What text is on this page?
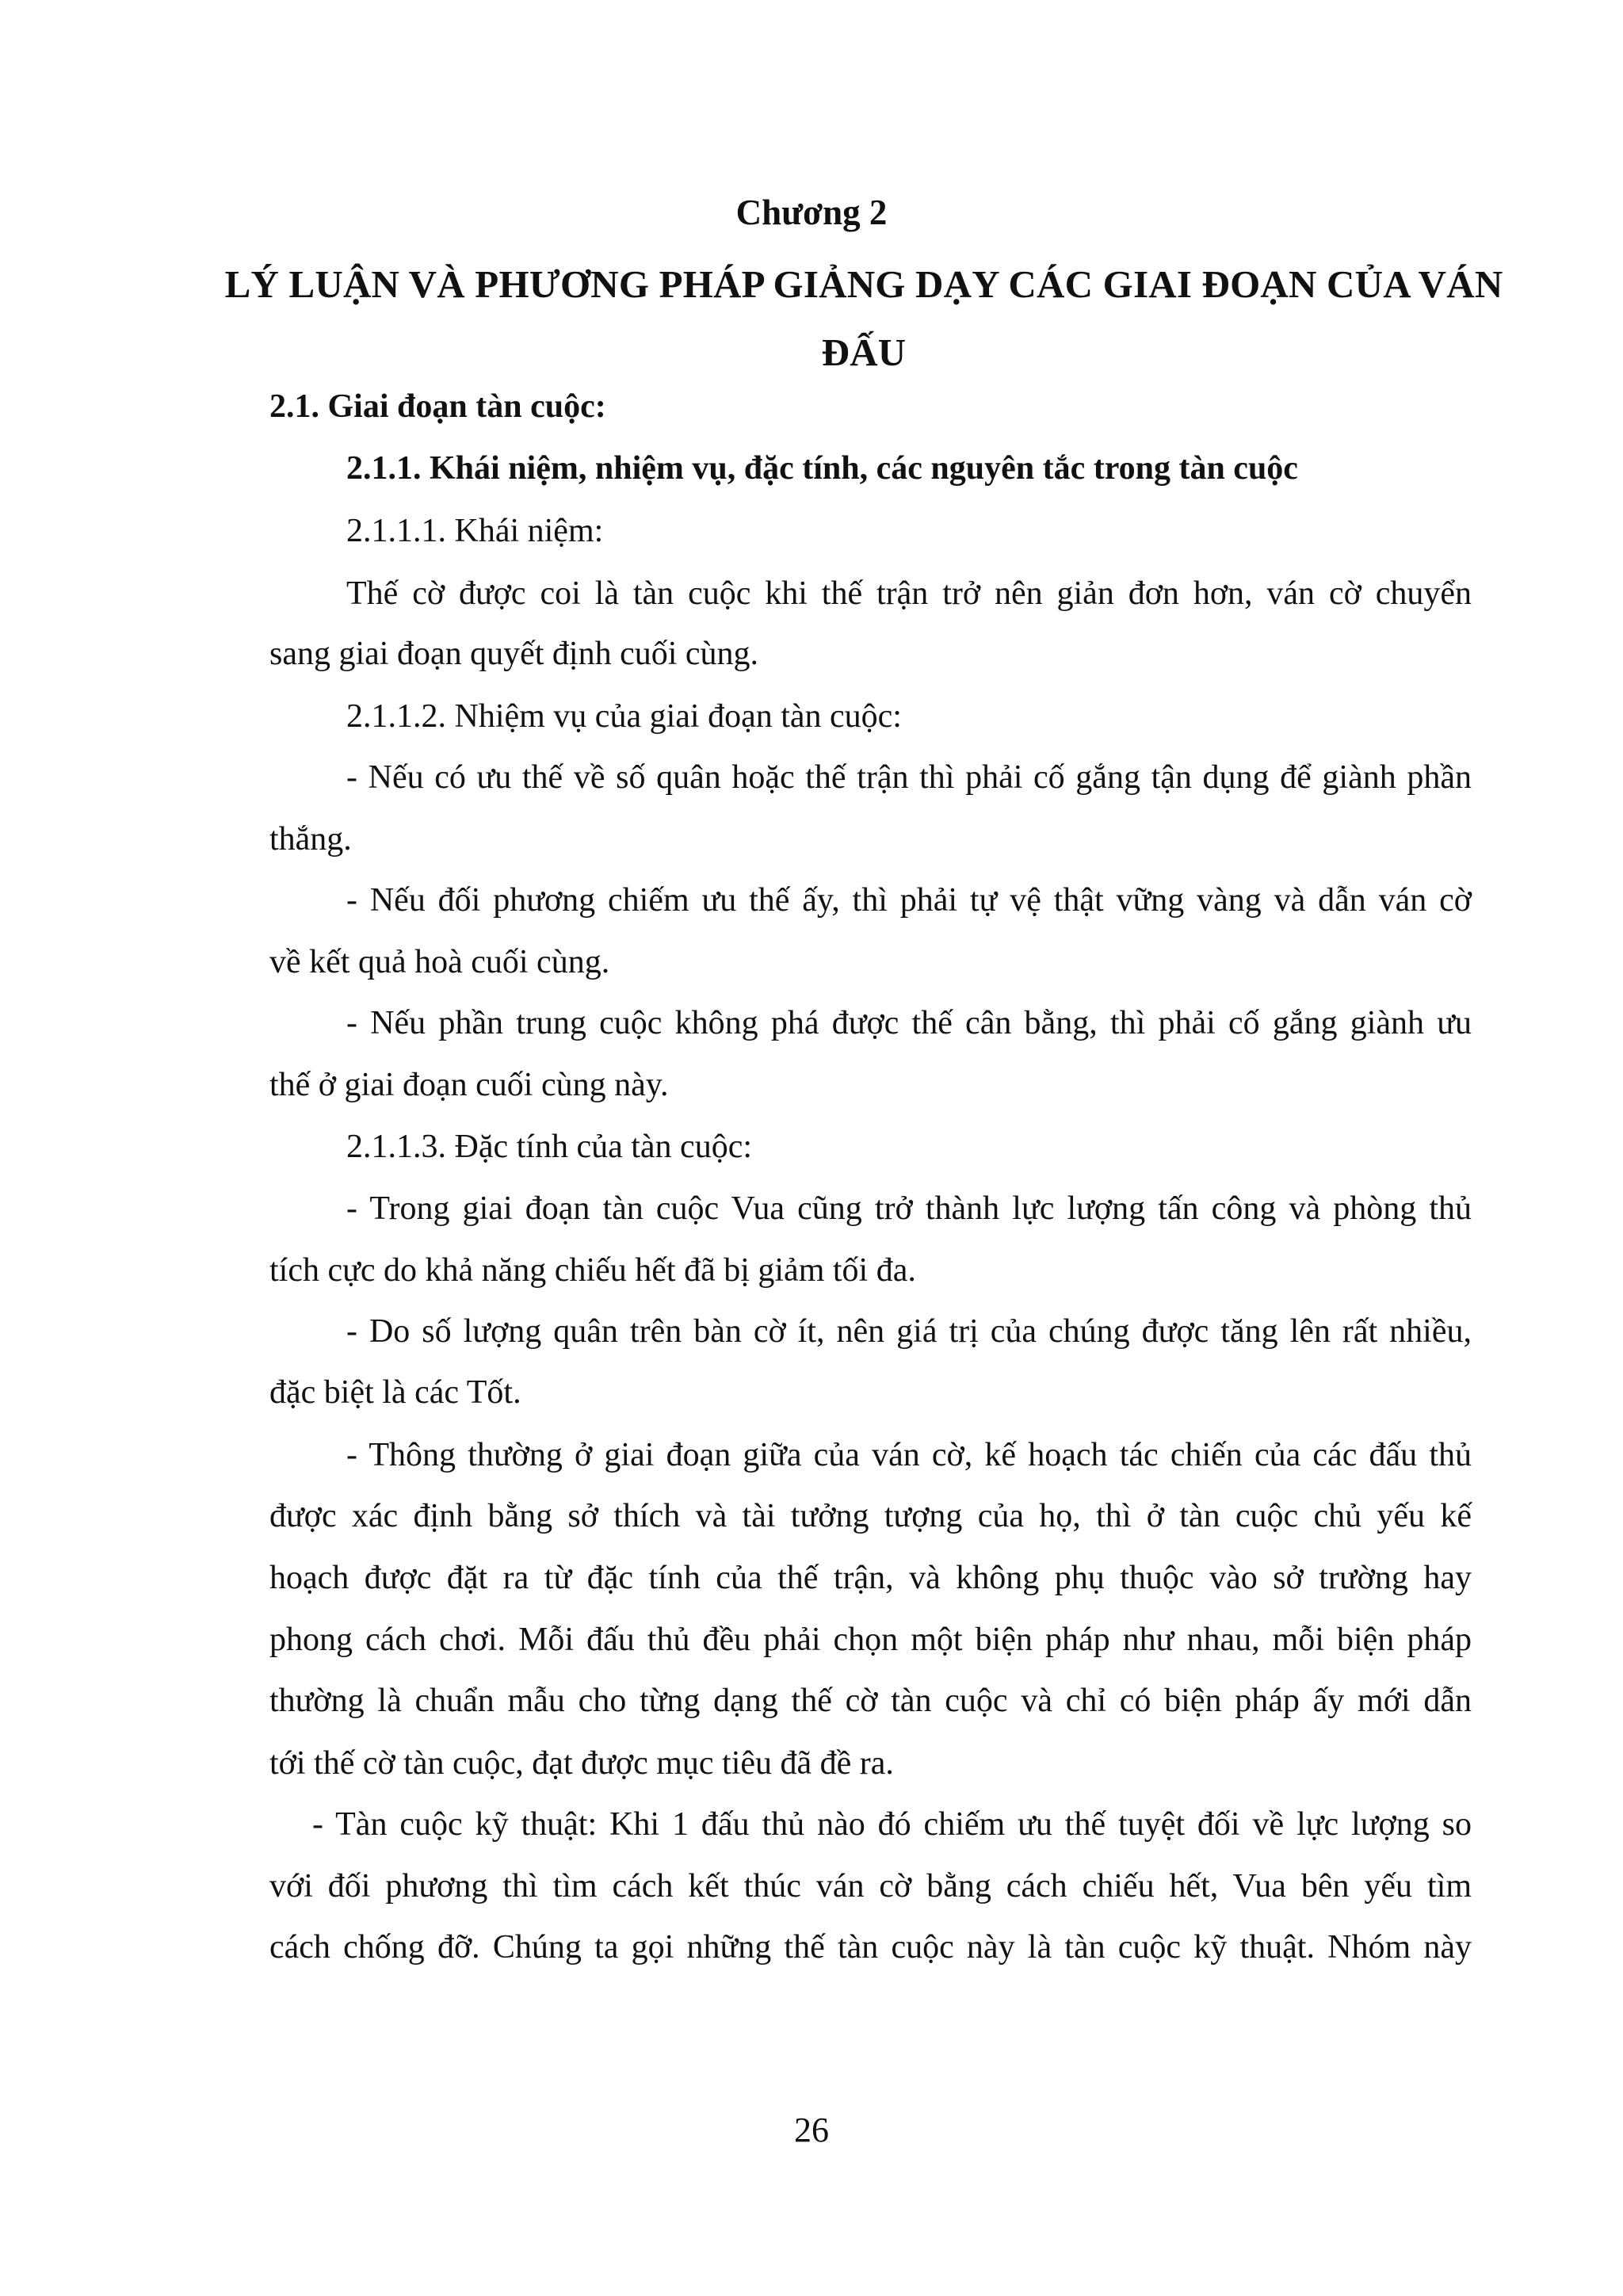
Chương 2
LÝ LUẬN VÀ PHƯƠNG PHÁP GIẢNG DẠY CÁC GIAI ĐOẠN CỦA VÁN ĐẤU
2.1. Giai đoạn tàn cuộc:
2.1.1. Khái niệm, nhiệm vụ, đặc tính, các nguyên tắc trong tàn cuộc
2.1.1.1. Khái niệm:
Thế cờ được coi là tàn cuộc khi thế trận trở nên giản đơn hơn, ván cờ chuyển
sang giai đoạn quyết định cuối cùng.
2.1.1.2. Nhiệm vụ của giai đoạn tàn cuộc:
- Nếu có ưu thế về số quân hoặc thế trận thì phải cố gắng tận dụng để giành phần
thắng.
- Nếu đối phương chiếm ưu thế ấy, thì phải tự vệ thật vững vàng và dẫn ván cờ
về kết quả hoà cuối cùng.
- Nếu phần trung cuộc không phá được thế cân bằng, thì phải cố gắng giành ưu
thế ở giai đoạn cuối cùng này.
2.1.1.3. Đặc tính của tàn cuộc:
- Trong giai đoạn tàn cuộc Vua cũng trở thành lực lượng tấn công và phòng thủ
tích cực do khả năng chiếu hết đã bị giảm tối đa.
- Do số lượng quân trên bàn cờ ít, nên giá trị của chúng được tăng lên rất nhiều,
đặc biệt là các Tốt.
- Thông thường ở giai đoạn giữa của ván cờ, kế hoạch tác chiến của các đấu thủ
được xác định bằng sở thích và tài tưởng tượng của họ, thì ở tàn cuộc chủ yếu kế
hoạch được đặt ra từ đặc tính của thế trận, và không phụ thuộc vào sở trường hay
phong cách chơi. Mỗi đấu thủ đều phải chọn một biện pháp như nhau, mỗi biện pháp
thường là chuẩn mẫu cho từng dạng thế cờ tàn cuộc và chỉ có biện pháp ấy mới dẫn
tới thế cờ tàn cuộc, đạt được mục tiêu đã đề ra.
- Tàn cuộc kỹ thuật: Khi 1 đấu thủ nào đó chiếm ưu thế tuyệt đối về lực lượng so
với đối phương thì tìm cách kết thúc ván cờ bằng cách chiếu hết, Vua bên yếu tìm
cách chống đỡ. Chúng ta gọi những thế tàn cuộc này là tàn cuộc kỹ thuật. Nhóm này
26
